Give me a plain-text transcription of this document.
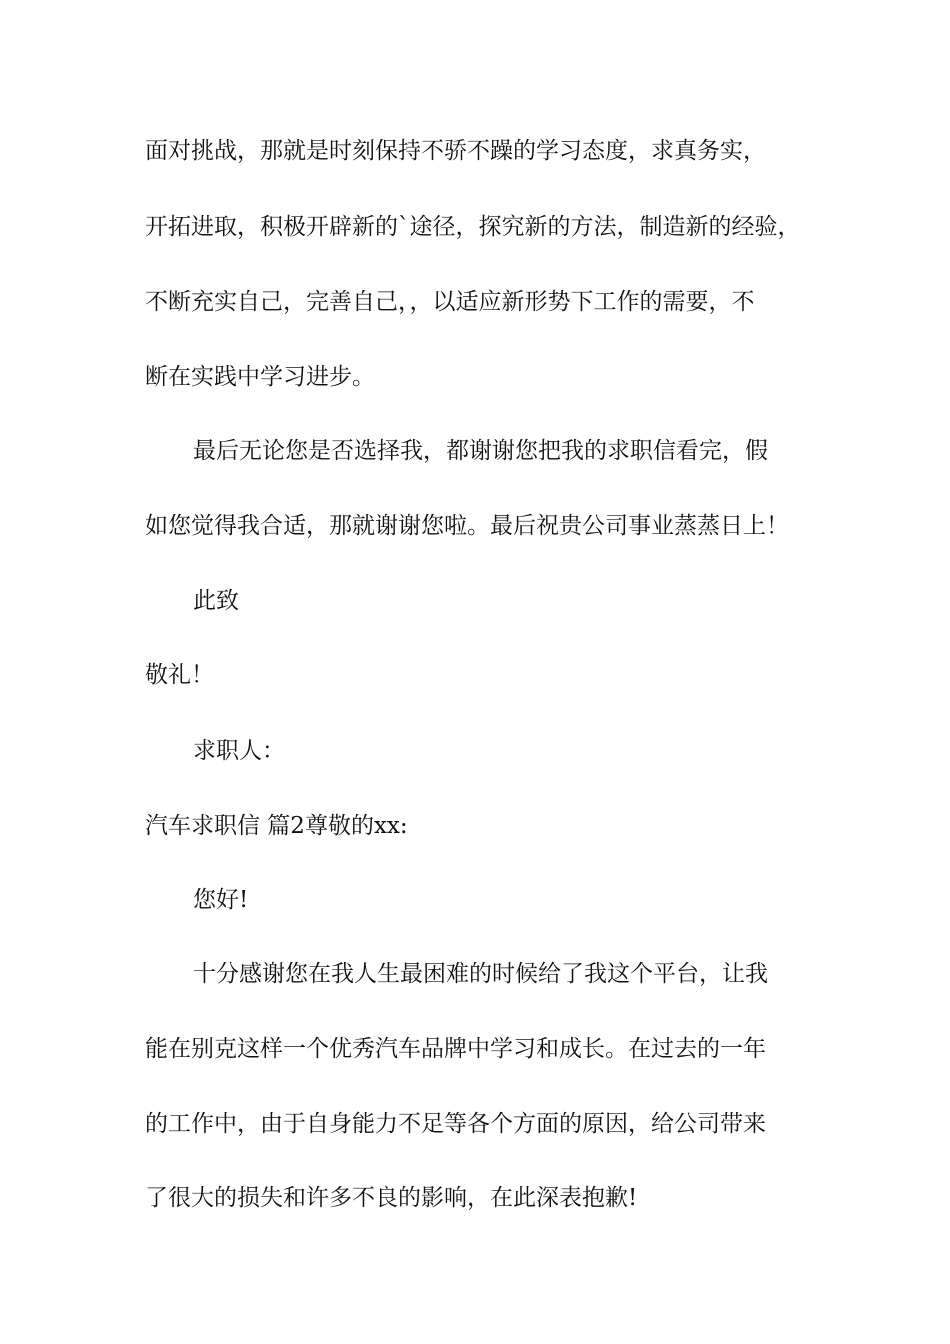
面对挑战，那就是时刻保持不骄不躁的学习态度，求真务实，
开拓进取，积极开辟新的`途径，探究新的方法，制造新的经验，
不断充实自己，完善自己，，以适应新形势下工作的需要，不
断在实践中学习进步。
最后无论您是否选择我，都谢谢您把我的求职信看完，假
如您觉得我合适，那就谢谢您啦。最后祝贵公司事业蒸蒸日上！
此致
敬礼！
求职人：
汽车求职信 篇2尊敬的xx:
您好!
十分感谢您在我人生最困难的时候给了我这个平台，让我
能在别克这样一个优秀汽车品牌中学习和成长。在过去的一年
的工作中，由于自身能力不足等各个方面的原因，给公司带来
了很大的损失和许多不良的影响，在此深表抱歉!
